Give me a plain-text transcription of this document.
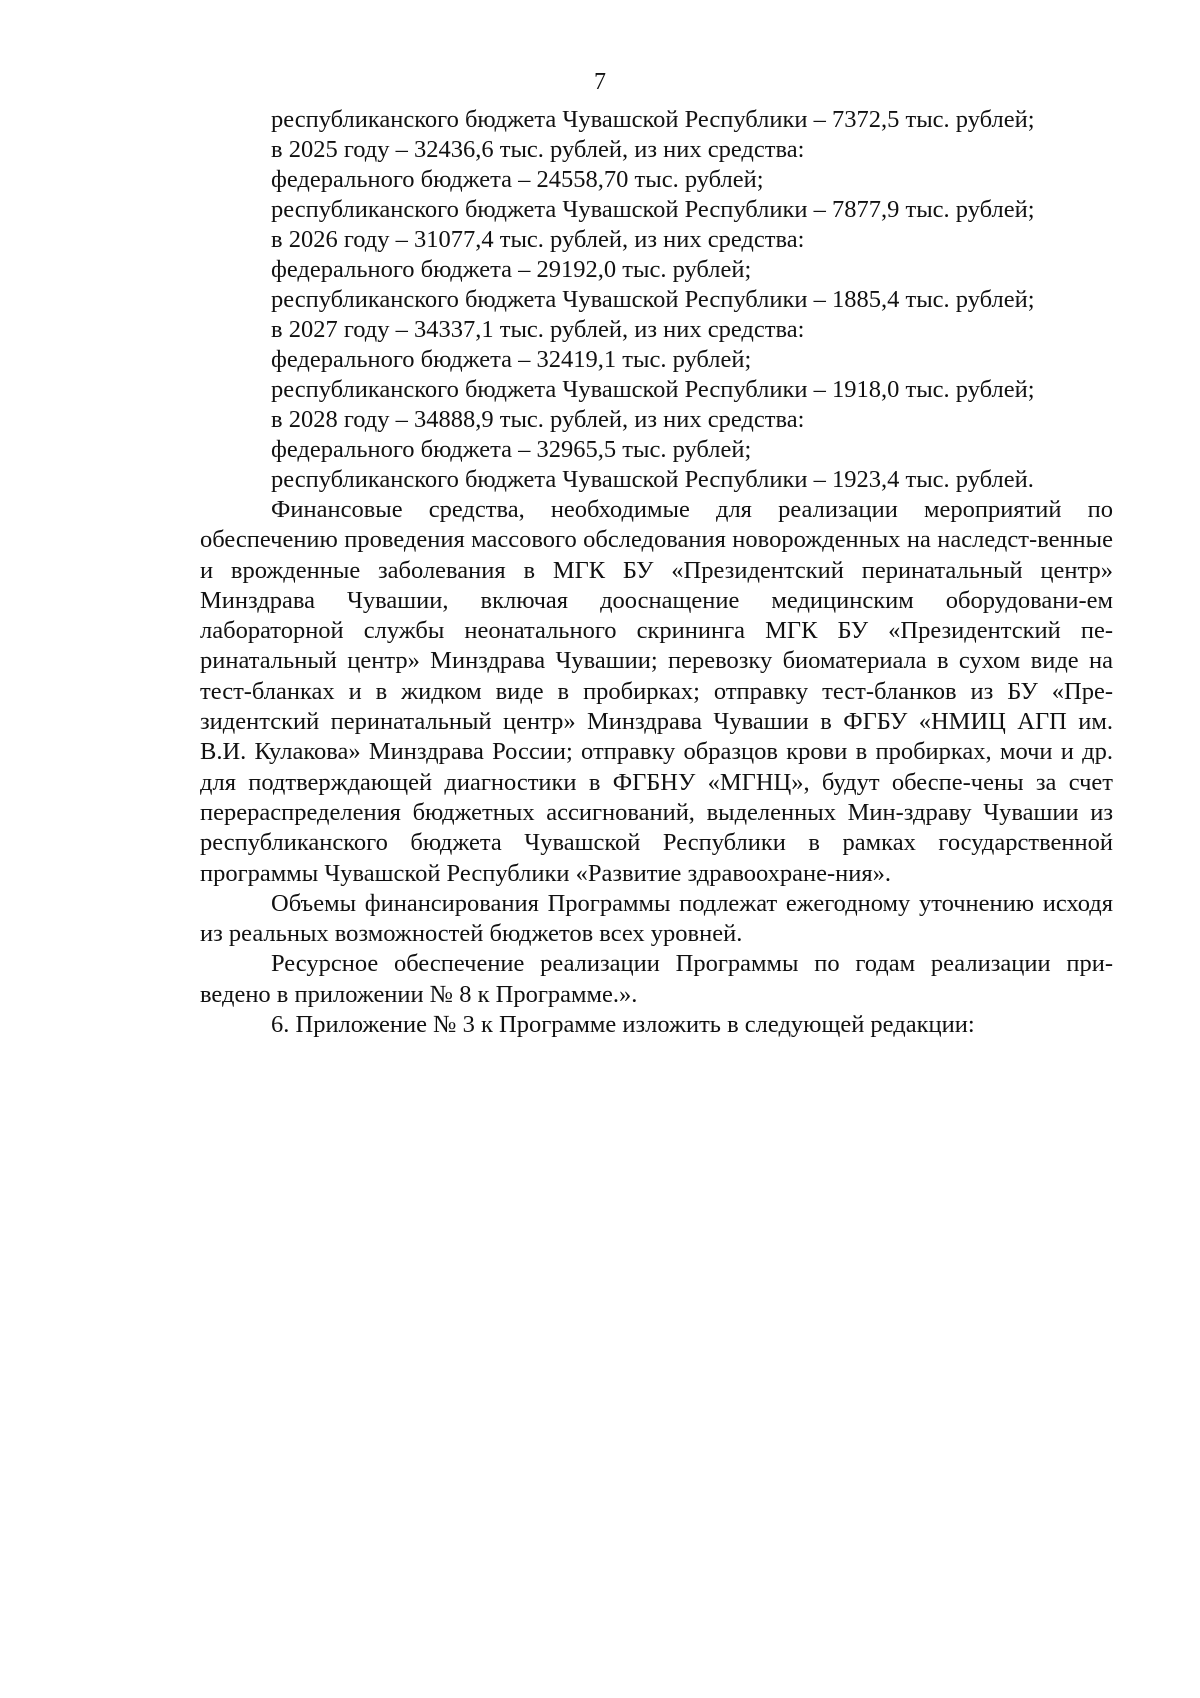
7

республиканского бюджета Чувашской Республики – 7372,5 тыс. рублей;

в 2025 году – 32436,6 тыс. рублей, из них средства:

федерального бюджета – 24558,70 тыс. рублей;

республиканского бюджета Чувашской Республики – 7877,9 тыс. рублей;

в 2026 году – 31077,4 тыс. рублей, из них средства:

федерального бюджета – 29192,0 тыс. рублей;

республиканского бюджета Чувашской Республики – 1885,4 тыс. рублей;

в 2027 году – 34337,1 тыс. рублей, из них средства:

федерального бюджета – 32419,1 тыс. рублей;

республиканского бюджета Чувашской Республики – 1918,0 тыс. рублей;

в 2028 году – 34888,9 тыс. рублей, из них средства:

федерального бюджета – 32965,5 тыс. рублей;

республиканского бюджета Чувашской Республики – 1923,4 тыс. рублей.

Финансовые средства, необходимые для реализации мероприятий по обеспечению проведения массового обследования новорожденных на наследст-венные и врожденные заболевания в МГК БУ «Президентский перинатальный центр» Минздрава Чувашии, включая дооснащение медицинским оборудовани-ем лабораторной службы неонатального скрининга МГК БУ «Президентский пе-ринатальный центр» Минздрава Чувашии; перевозку биоматериала в сухом виде на тест-бланках и в жидком виде в пробирках; отправку тест-бланков из БУ «Пре-зидентский перинатальный центр» Минздрава Чувашии в ФГБУ «НМИЦ АГП им. В.И. Кулакова» Минздрава России; отправку образцов крови в пробирках, мочи и др. для подтверждающей диагностики в ФГБНУ «МГНЦ», будут обеспе-чены за счет перераспределения бюджетных ассигнований, выделенных Мин-здраву Чувашии из республиканского бюджета Чувашской Республики в рамках государственной программы Чувашской Республики «Развитие здравоохране-ния».

Объемы финансирования Программы подлежат ежегодному уточнению исходя из реальных возможностей бюджетов всех уровней.

Ресурсное обеспечение реализации Программы по годам реализации при-ведено в приложении № 8 к Программе.».

6. Приложение № 3 к Программе изложить в следующей редакции:
